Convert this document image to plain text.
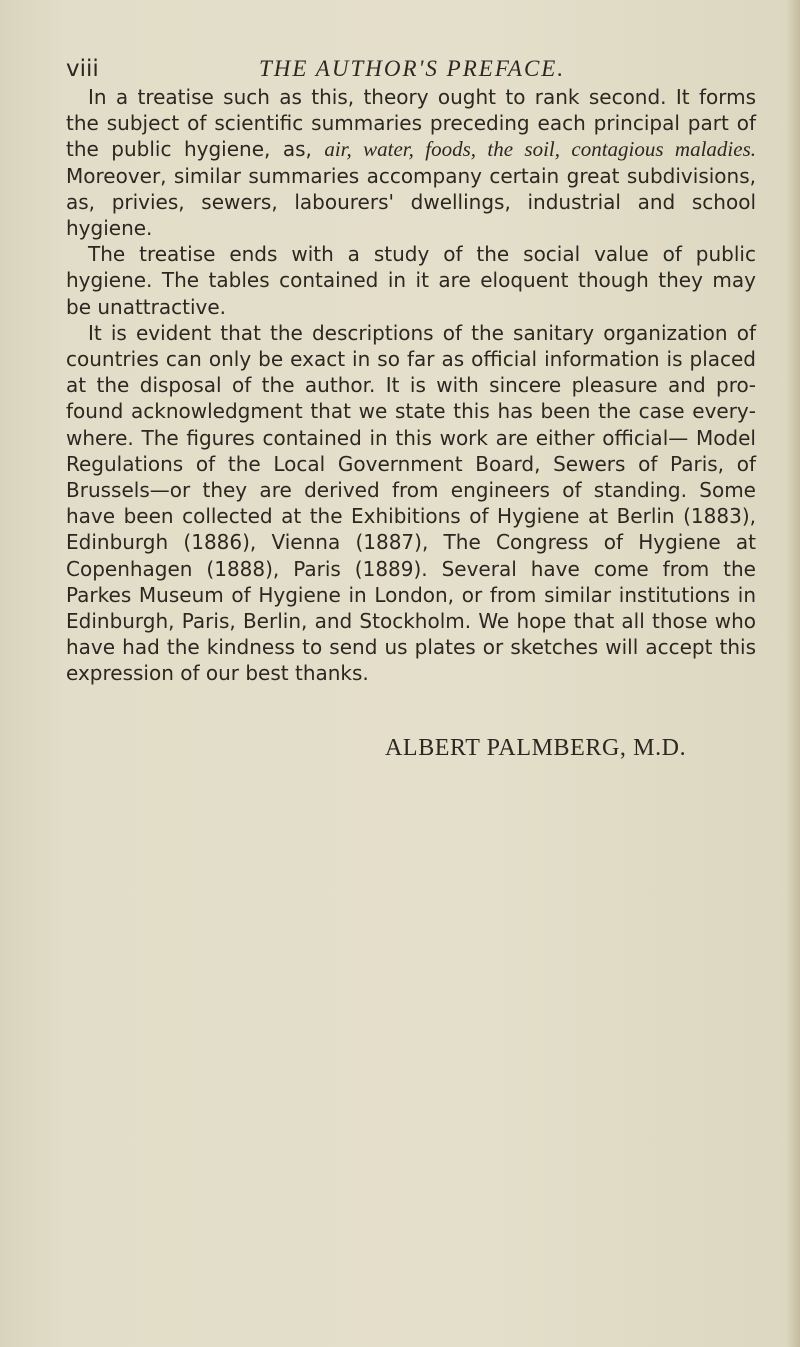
viii	THE AUTHOR'S PREFACE.

In a treatise such as this, theory ought to rank second. It forms the subject of scientific summaries preceding each principal part of the public hygiene, as, air, water, foods, the soil, contagious maladies. Moreover, similar summaries accompany certain great subdivisions, as, privies, sewers, labourers' dwellings, industrial and school hygiene.

The treatise ends with a study of the social value of public hygiene. The tables contained in it are eloquent though they may be unattractive.

It is evident that the descriptions of the sanitary organization of countries can only be exact in so far as official information is placed at the disposal of the author. It is with sincere pleasure and profound acknowledgment that we state this has been the case everywhere. The figures contained in this work are either official— Model Regulations of the Local Government Board, Sewers of Paris, of Brussels—or they are derived from engineers of standing. Some have been collected at the Exhibitions of Hygiene at Berlin (1883), Edinburgh (1886), Vienna (1887), The Congress of Hygiene at Copenhagen (1888), Paris (1889). Several have come from the Parkes Museum of Hygiene in London, or from similar institutions in Edinburgh, Paris, Berlin, and Stockholm. We hope that all those who have had the kindness to send us plates or sketches will accept this expression of our best thanks.

ALBERT PALMBERG, M.D.
